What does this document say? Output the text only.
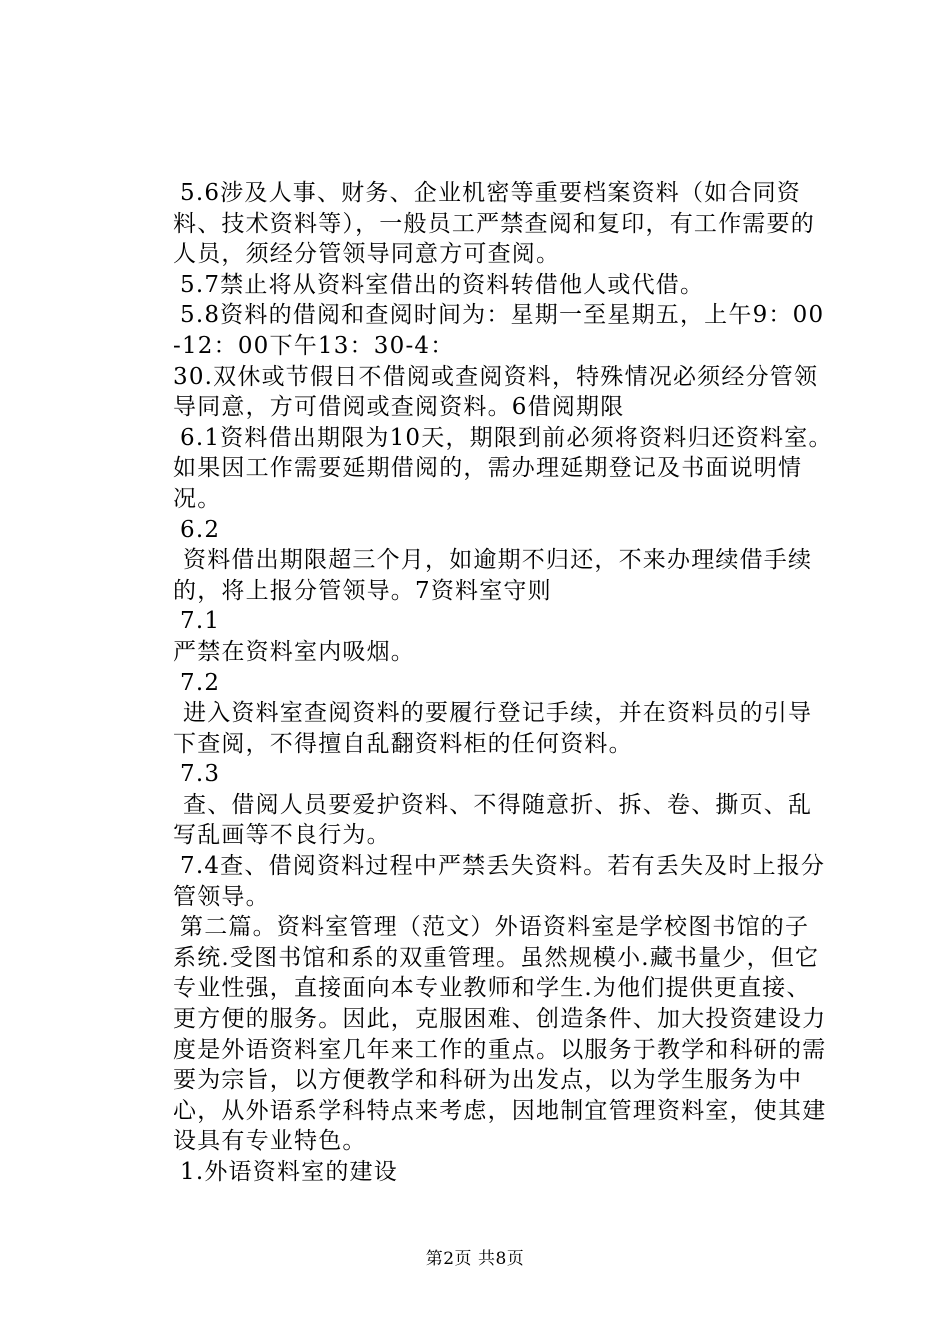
5.6涉及人事、财务、企业机密等重要档案资料（如合同资料、技术资料等），一般员工严禁查阅和复印，有工作需要的人员，须经分管领导同意方可查阅。

5.7禁止将从资料室借出的资料转借他人或代借。

5.8资料的借阅和查阅时间为：星期一至星期五，上午9：00-12：00下午13：30-4：

30.双休或节假日不借阅或查阅资料，特殊情况必须经分管领导同意，方可借阅或查阅资料。6借阅期限

6.1资料借出期限为10天，期限到前必须将资料归还资料室。如果因工作需要延期借阅的，需办理延期登记及书面说明情况。

6.2

资料借出期限超三个月，如逾期不归还，不来办理续借手续的，将上报分管领导。7资料室守则

7.1

严禁在资料室内吸烟。

7.2

进入资料室查阅资料的要履行登记手续，并在资料员的引导下查阅，不得擅自乱翻资料柜的任何资料。

7.3

查、借阅人员要爱护资料、不得随意折、拆、卷、撕页、乱写乱画等不良行为。

7.4查、借阅资料过程中严禁丢失资料。若有丢失及时上报分管领导。

第二篇。资料室管理（范文）外语资料室是学校图书馆的子系统.受图书馆和系的双重管理。虽然规模小.藏书量少，但它专业性强，直接面向本专业教师和学生.为他们提供更直接、更方便的服务。因此，克服困难、创造条件、加大投资建设力度是外语资料室几年来工作的重点。以服务于教学和科研的需要为宗旨，以方便教学和科研为出发点，以为学生服务为中心，从外语系学科特点来考虑，因地制宜管理资料室，使其建设具有专业特色。

1.外语资料室的建设

第2页 共8页
